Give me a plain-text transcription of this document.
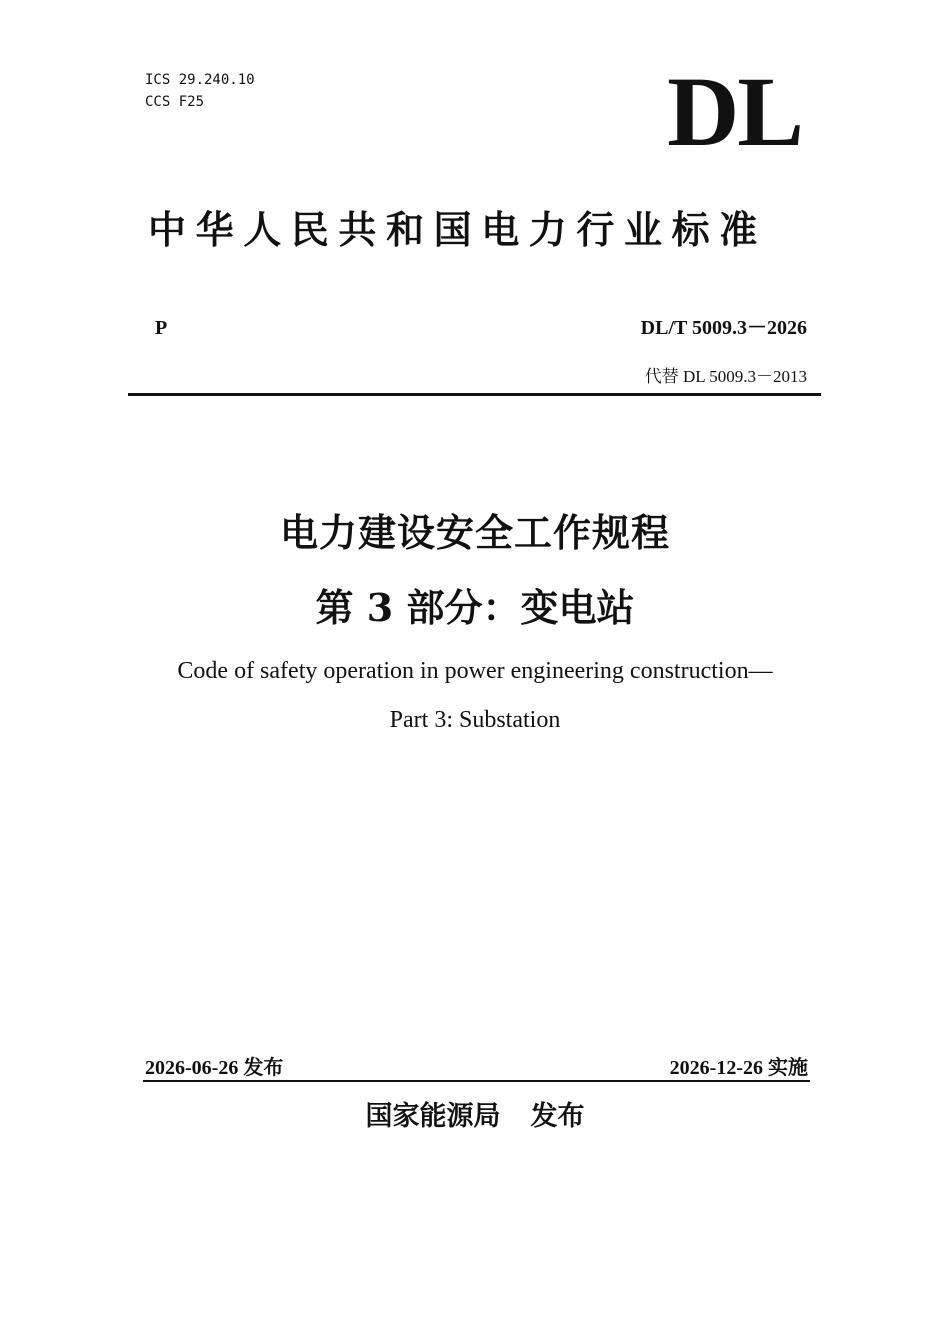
ICS 29.240.10

CCS F25	DL
中华人民共和国电力行业标准
P	DL/T 5009.3－2026
代替 DL 5009.3－2013
电力建设安全工作规程
第 3 部分：变电站

Code of safety operation in power engineering construction—

Part 3: Substation

2026-06-26 发布	2026-12-26 实施
国家能源局 发布
